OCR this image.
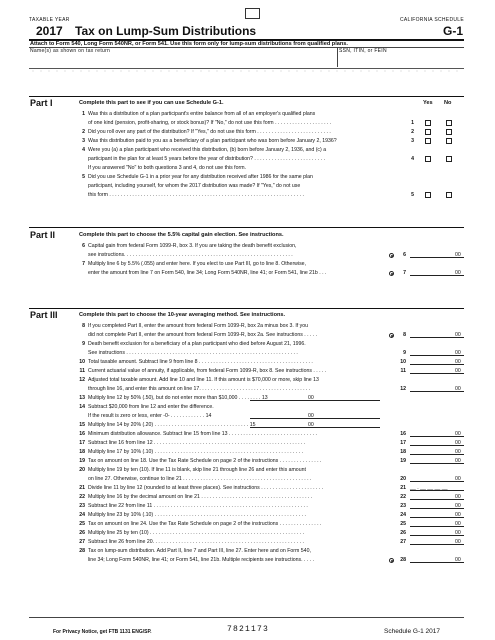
TAXABLE YEAR	CALIFORNIA SCHEDULE
2017 Tax on Lump-Sum Distributions	G-1
Attach to Form 540, Long Form 540NR, or Form 541. Use this form only for lump-sum distributions from qualified plans.
Name(s) as shown on tax return	SSN, ITIN, or FEIN
Part I	Complete this part to see if you can use Schedule G-1.	Yes No
1 Was this a distribution of a plan participant's entire balance from all of an employer's qualified plans
of one kind (pension, profit-sharing, or stock bonus)? If "No," do not use this form . . . . . . . . . . . . . . . . . . . .	1
2 Did you roll over any part of the distribution? If "Yes," do not use this form . . . . . . . . . . . . . . . . . . . . . . . . . .	2
3 Was this distribution paid to you as a beneficiary of a plan participant who was born before January 2, 1936?	3
4 Were you (a) a plan participant who received this distribution, (b) born before January 2, 1936, and (c) a
participant in the plan for at least 5 years before the year of distribution? . . . . . . . . . . . . . . . . . . . . . . . . .	4
If you answered "No" to both questions 3 and 4, do not use this form.
5 Did you use Schedule G-1 in a prior year for any distribution received after 1986 for the same plan
participant, including yourself, for whom the 2017 distribution was made? If "Yes," do not use
this form . . . . . . . . . . . . . . . . . . . . . . . . . . . . . . . . . . . . . . . . . . . . . . . . . . . . . . . . . . . . . . . . . . . .	5
Part II	Complete this part to choose the 5.5% capital gain election. See instructions.
6 Capital gain from federal Form 1099-R, box 3. If you are taking the death benefit exclusion,
see instructions. . . . . . . . . . . . . . . . . . . . . . . . . . . . . . . . . . . . . . . . . . . . . . . . . . . . . . . . . . .	6	00
7 Multiply line 6 by 5.5% (.055) and enter here. If you elect to use Part III, go to line 8. Otherwise,
enter the amount from line 7 on Form 540, line 34; Long Form 540NR, line 41; or Form 541, line 21b . . .	7	00
Part III	Complete this part to choose the 10-year averaging method. See instructions.
8 If you completed Part II, enter the amount from federal Form 1099-R, box 2a minus box 3. If you
did not complete Part II, enter the amount from federal Form 1099-R, box 2a. See instructions . . . . .	8	00
9 Death benefit exclusion for a beneficiary of a plan participant who died before August 21, 1996.
See instructions . . . . . . . . . . . . . . . . . . . . . . . . . . . . . . . . . . . . . . . . . . . . . . . . . . . . . . . . . . . .	9	00
10 Total taxable amount. Subtract line 9 from line 8 . . . . . . . . . . . . . . . . . . . . . . . . . . . . . . . . . . . . . . . .	10	00
11 Current actuarial value of annuity, if applicable, from federal Form 1099-R, box 8. See instructions . . . . .	11	00
12 Adjusted total taxable amount. Add line 10 and line 11. If this amount is $70,000 or more, skip line 13
through line 16, and enter this amount on line 17. . . . . . . . . . . . . . . . . . . . . . . . . . . . . . . . . . . . . . .	12	00
13 Multiply line 12 by 50% (.50), but do not enter more than $10,000 . . . . . . . . 13	00
14 Subtract $20,000 from line 12 and enter the difference.
If the result is zero or less, enter -0- . . . . . . . . . . . . 14	00
15 Multiply line 14 by 20% (.20) . . . . . . . . . . . . . . . . . . . . . . . . . . . . . . . . . 15	00
16 Minimum distribution allowance. Subtract line 15 from line 13 . . . . . . . . . . . . . . . . . . . . . . . . . . . . . . .	16	00
17 Subtract line 16 from line 12 . . . . . . . . . . . . . . . . . . . . . . . . . . . . . . . . . . . . . . . . . . . . . . . . . . . . .	17	00
18 Multiply line 17 by 10% (.10) . . . . . . . . . . . . . . . . . . . . . . . . . . . . . . . . . . . . . . . . . . . . . . . . . . . .	18	00
19 Tax on amount on line 18. Use the Tax Rate Schedule on page 2 of the instructions . . . . . . . . . . . . . . .	19	00
20 Multiply line 19 by ten (10). If line 11 is blank, skip line 21 through line 26 and enter this amount
on line 27. Otherwise, continue to line 21 . . . . . . . . . . . . . . . . . . . . . . . . . . . . . . . . . . . . . . . . . . . . .	20	00
21 Divide line 11 by line 12 (rounded to at least three places). See instructions . . . . . . . . . . . . . . . . . . . . . .	21 __ . __ __ __ __
22 Multiply line 16 by the decimal amount on line 21 . . . . . . . . . . . . . . . . . . . . . . . . . . . . . . . . . . . . . . .	22	00
23 Subtract line 22 from line 11 . . . . . . . . . . . . . . . . . . . . . . . . . . . . . . . . . . . . . . . . . . . . . . . . . . . . . .	23	00
24 Multiply line 23 by 10% (.10) . . . . . . . . . . . . . . . . . . . . . . . . . . . . . . . . . . . . . . . . . . . . . . . . . . . . .	24	00
25 Tax on amount on line 24. Use the Tax Rate Schedule on page 2 of the instructions . . . . . . . . . . . . . . .	25	00
26 Multiply line 25 by ten (10) . . . . . . . . . . . . . . . . . . . . . . . . . . . . . . . . . . . . . . . . . . . . . . . . . . . . . .	26	00
27 Subtract line 26 from line 20. . . . . . . . . . . . . . . . . . . . . . . . . . . . . . . . . . . . . . . . . . . . . . . . . . . . .	27	00
28 Tax on lump-sum distribution. Add Part II, line 7 and Part III, line 27. Enter here and on Form 540,
line 34; Long Form 540NR, line 41; or Form 541, line 21b. Multiple recipients see instructions. . . . .	28	00
For Privacy Notice, get FTB 1131 ENG/SP.	7821173	Schedule G-1 2017
